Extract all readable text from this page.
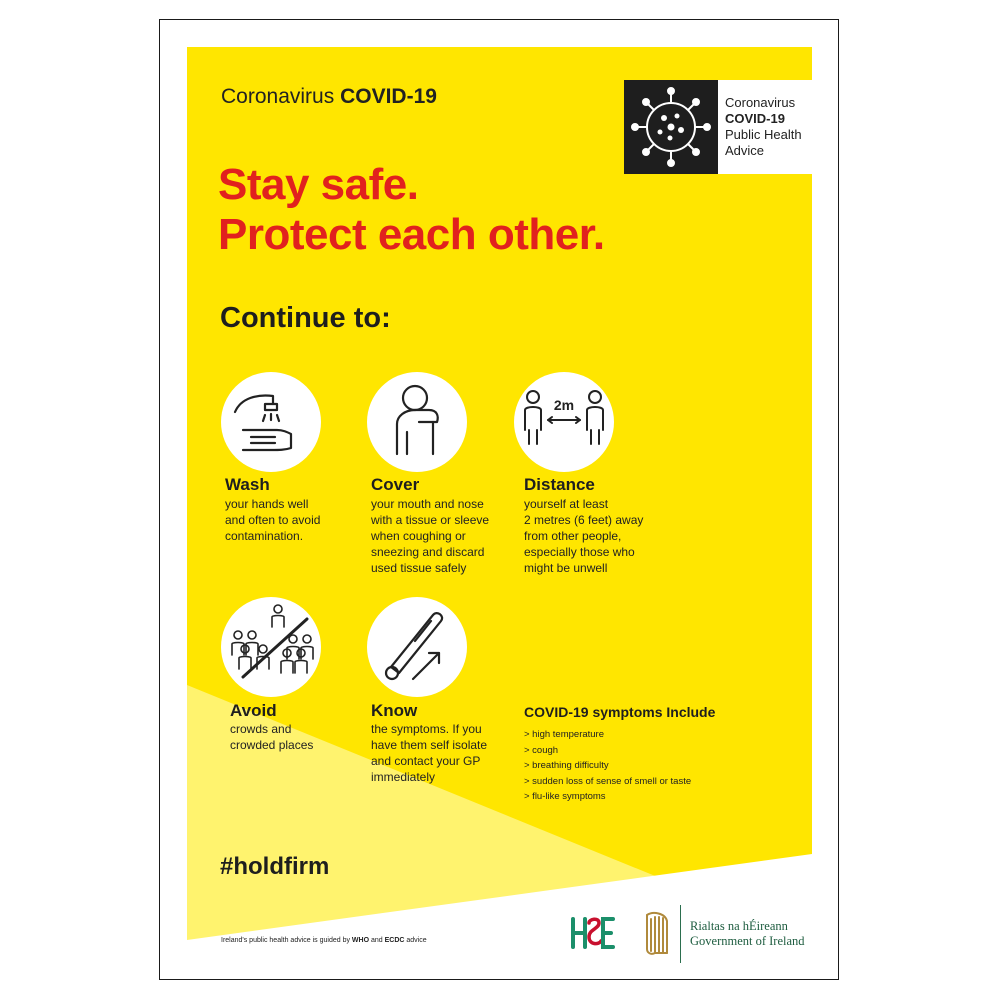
Coronavirus COVID-19	Coronavirus
COVID-19
Public Health
Advice
Stay safe.
Protect each other.
Continue to:
Wash
your hands well
and often to avoid
contamination.
Cover
your mouth and nose
with a tissue or sleeve
when coughing or
sneezing and discard
used tissue safely
2m
Distance
yourself at least
2 metres (6 feet) away
from other people,
especially those who
might be unwell
Avoid
crowds and
crowded places
Know
the symptoms. If you
have them self isolate
and contact your GP
immediately
COVID-19 symptoms Include
> high temperature
> cough
> breathing difficulty
> sudden loss of sense of smell or taste
> flu-like symptoms
#holdfirm
Ireland's public health advice is guided by WHO and ECDC advice
Rialtas na hÉireann
Government of Ireland
